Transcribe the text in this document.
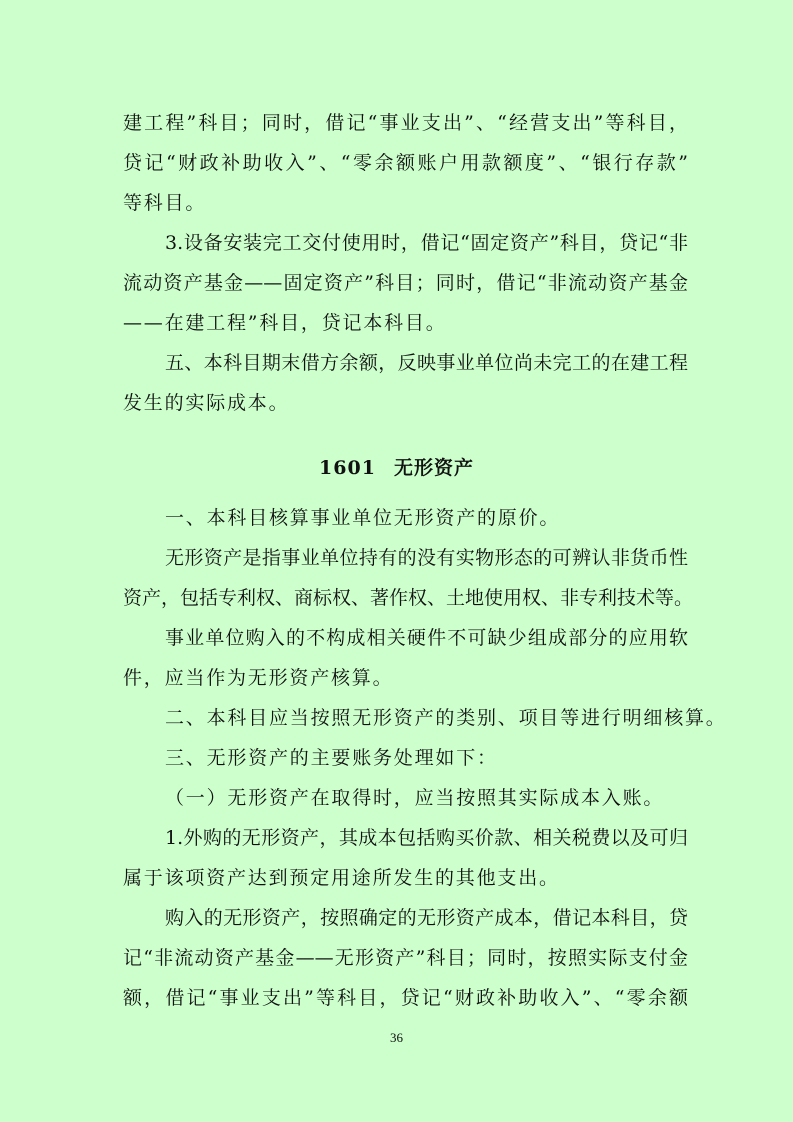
建工程”科目；同时，借记“事业支出”、“经营支出”等科目，
贷记“财政补助收入”、“零余额账户用款额度”、“银行存款”
等科目。
3.设备安装完工交付使用时，借记“固定资产”科目，贷记“非
流动资产基金——固定资产”科目；同时，借记“非流动资产基金
——在建工程”科目，贷记本科目。
五、本科目期末借方余额，反映事业单位尚未完工的在建工程
发生的实际成本。
1601 无形资产
一、本科目核算事业单位无形资产的原价。
无形资产是指事业单位持有的没有实物形态的可辨认非货币性
资产，包括专利权、商标权、著作权、土地使用权、非专利技术等。
事业单位购入的不构成相关硬件不可缺少组成部分的应用软
件，应当作为无形资产核算。
二、本科目应当按照无形资产的类别、项目等进行明细核算。
三、无形资产的主要账务处理如下：
（一）无形资产在取得时，应当按照其实际成本入账。
1.外购的无形资产，其成本包括购买价款、相关税费以及可归
属于该项资产达到预定用途所发生的其他支出。
购入的无形资产，按照确定的无形资产成本，借记本科目，贷
记“非流动资产基金——无形资产”科目；同时，按照实际支付金
额，借记“事业支出”等科目，贷记“财政补助收入”、“零余额
36
